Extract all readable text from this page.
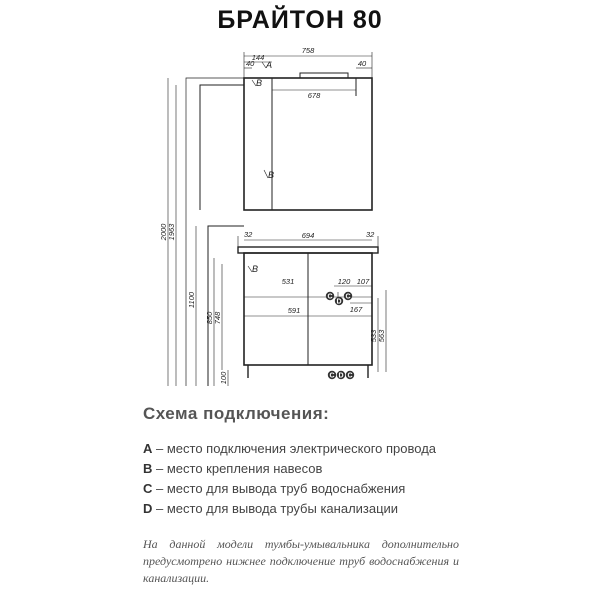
БРАЙТОН 80
C
D
C
C D C
B
B
B
A
758
144
40	40
678
694
32	32
531
591
120 107
167
2000 1963
1100
850 748
100
533 563
Схема подключения:
A – место подключения электрического провода
B – место крепления навесов
C – место для вывода труб водоснабжения
D – место для вывода трубы канализации

На данной модели тумбы-умывальника дополнительно предусмотрено нижнее подключение труб водоснабжения и канализации.
